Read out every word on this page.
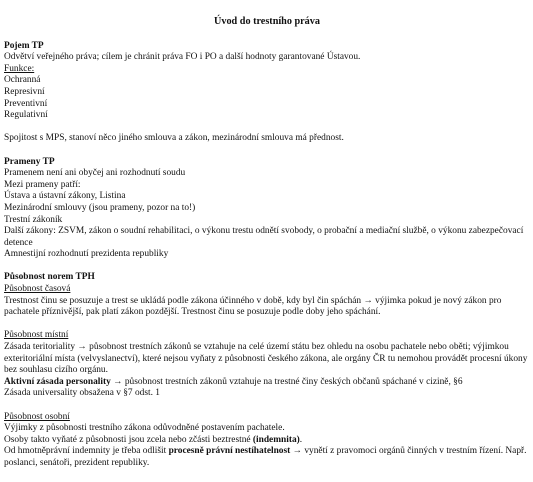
Úvod do trestního práva

Pojem TP

Odvětví veřejného práva; cílem je chránit práva FO i PO a další hodnoty garantované Ústavou.

Funkce:

Ochranná

Represivní

Preventivní

Regulativní

Spojitost s MPS, stanoví něco jiného smlouva a zákon, mezinárodní smlouva má přednost.

Prameny TP

Pramenem není ani obyčej ani rozhodnutí soudu

Mezi prameny patří:

Ústava a ústavní zákony, Listina

Mezinárodní smlouvy (jsou prameny, pozor na to!)

Trestní zákoník

Další zákony: ZSVM, zákon o soudní rehabilitaci, o výkonu trestu odnětí svobody, o probační a mediační službě, o výkonu zabezpečovací detence

Amnestijní rozhodnutí prezidenta republiky

Působnost norem TPH

Působnost časová

Trestnost činu se posuzuje a trest se ukládá podle zákona účinného v době, kdy byl čin spáchán → výjimka pokud je nový zákon pro pachatele příznivější, pak platí zákon pozdější. Trestnost činu se posuzuje podle doby jeho spáchání.

Působnost místní

Zásada teritoriality → působnost trestních zákonů se vztahuje na celé území státu bez ohledu na osobu pachatele nebo oběti; výjimkou exteritoriální místa (velvyslanectví), které nejsou vyňaty z působnosti českého zákona, ale orgány ČR tu nemohou provádět procesní úkony bez souhlasu cizího orgánu.

Aktivní zásada personality → působnost trestních zákonů vztahuje na trestné činy českých občanů spáchané v cizině, §6

Zásada universality obsažena v §7 odst. 1

Působnost osobní

Výjimky z působnosti trestního zákona odůvodněné postavením pachatele.

Osoby takto vyňaté z působnosti jsou zcela nebo zčásti beztrestné (indemnita).

Od hmotněprávní indemnity je třeba odlišit procesně právní nestíhatelnost → vynětí z pravomoci orgánů činných v trestním řízení. Např. poslanci, senátoři, prezident republiky.
